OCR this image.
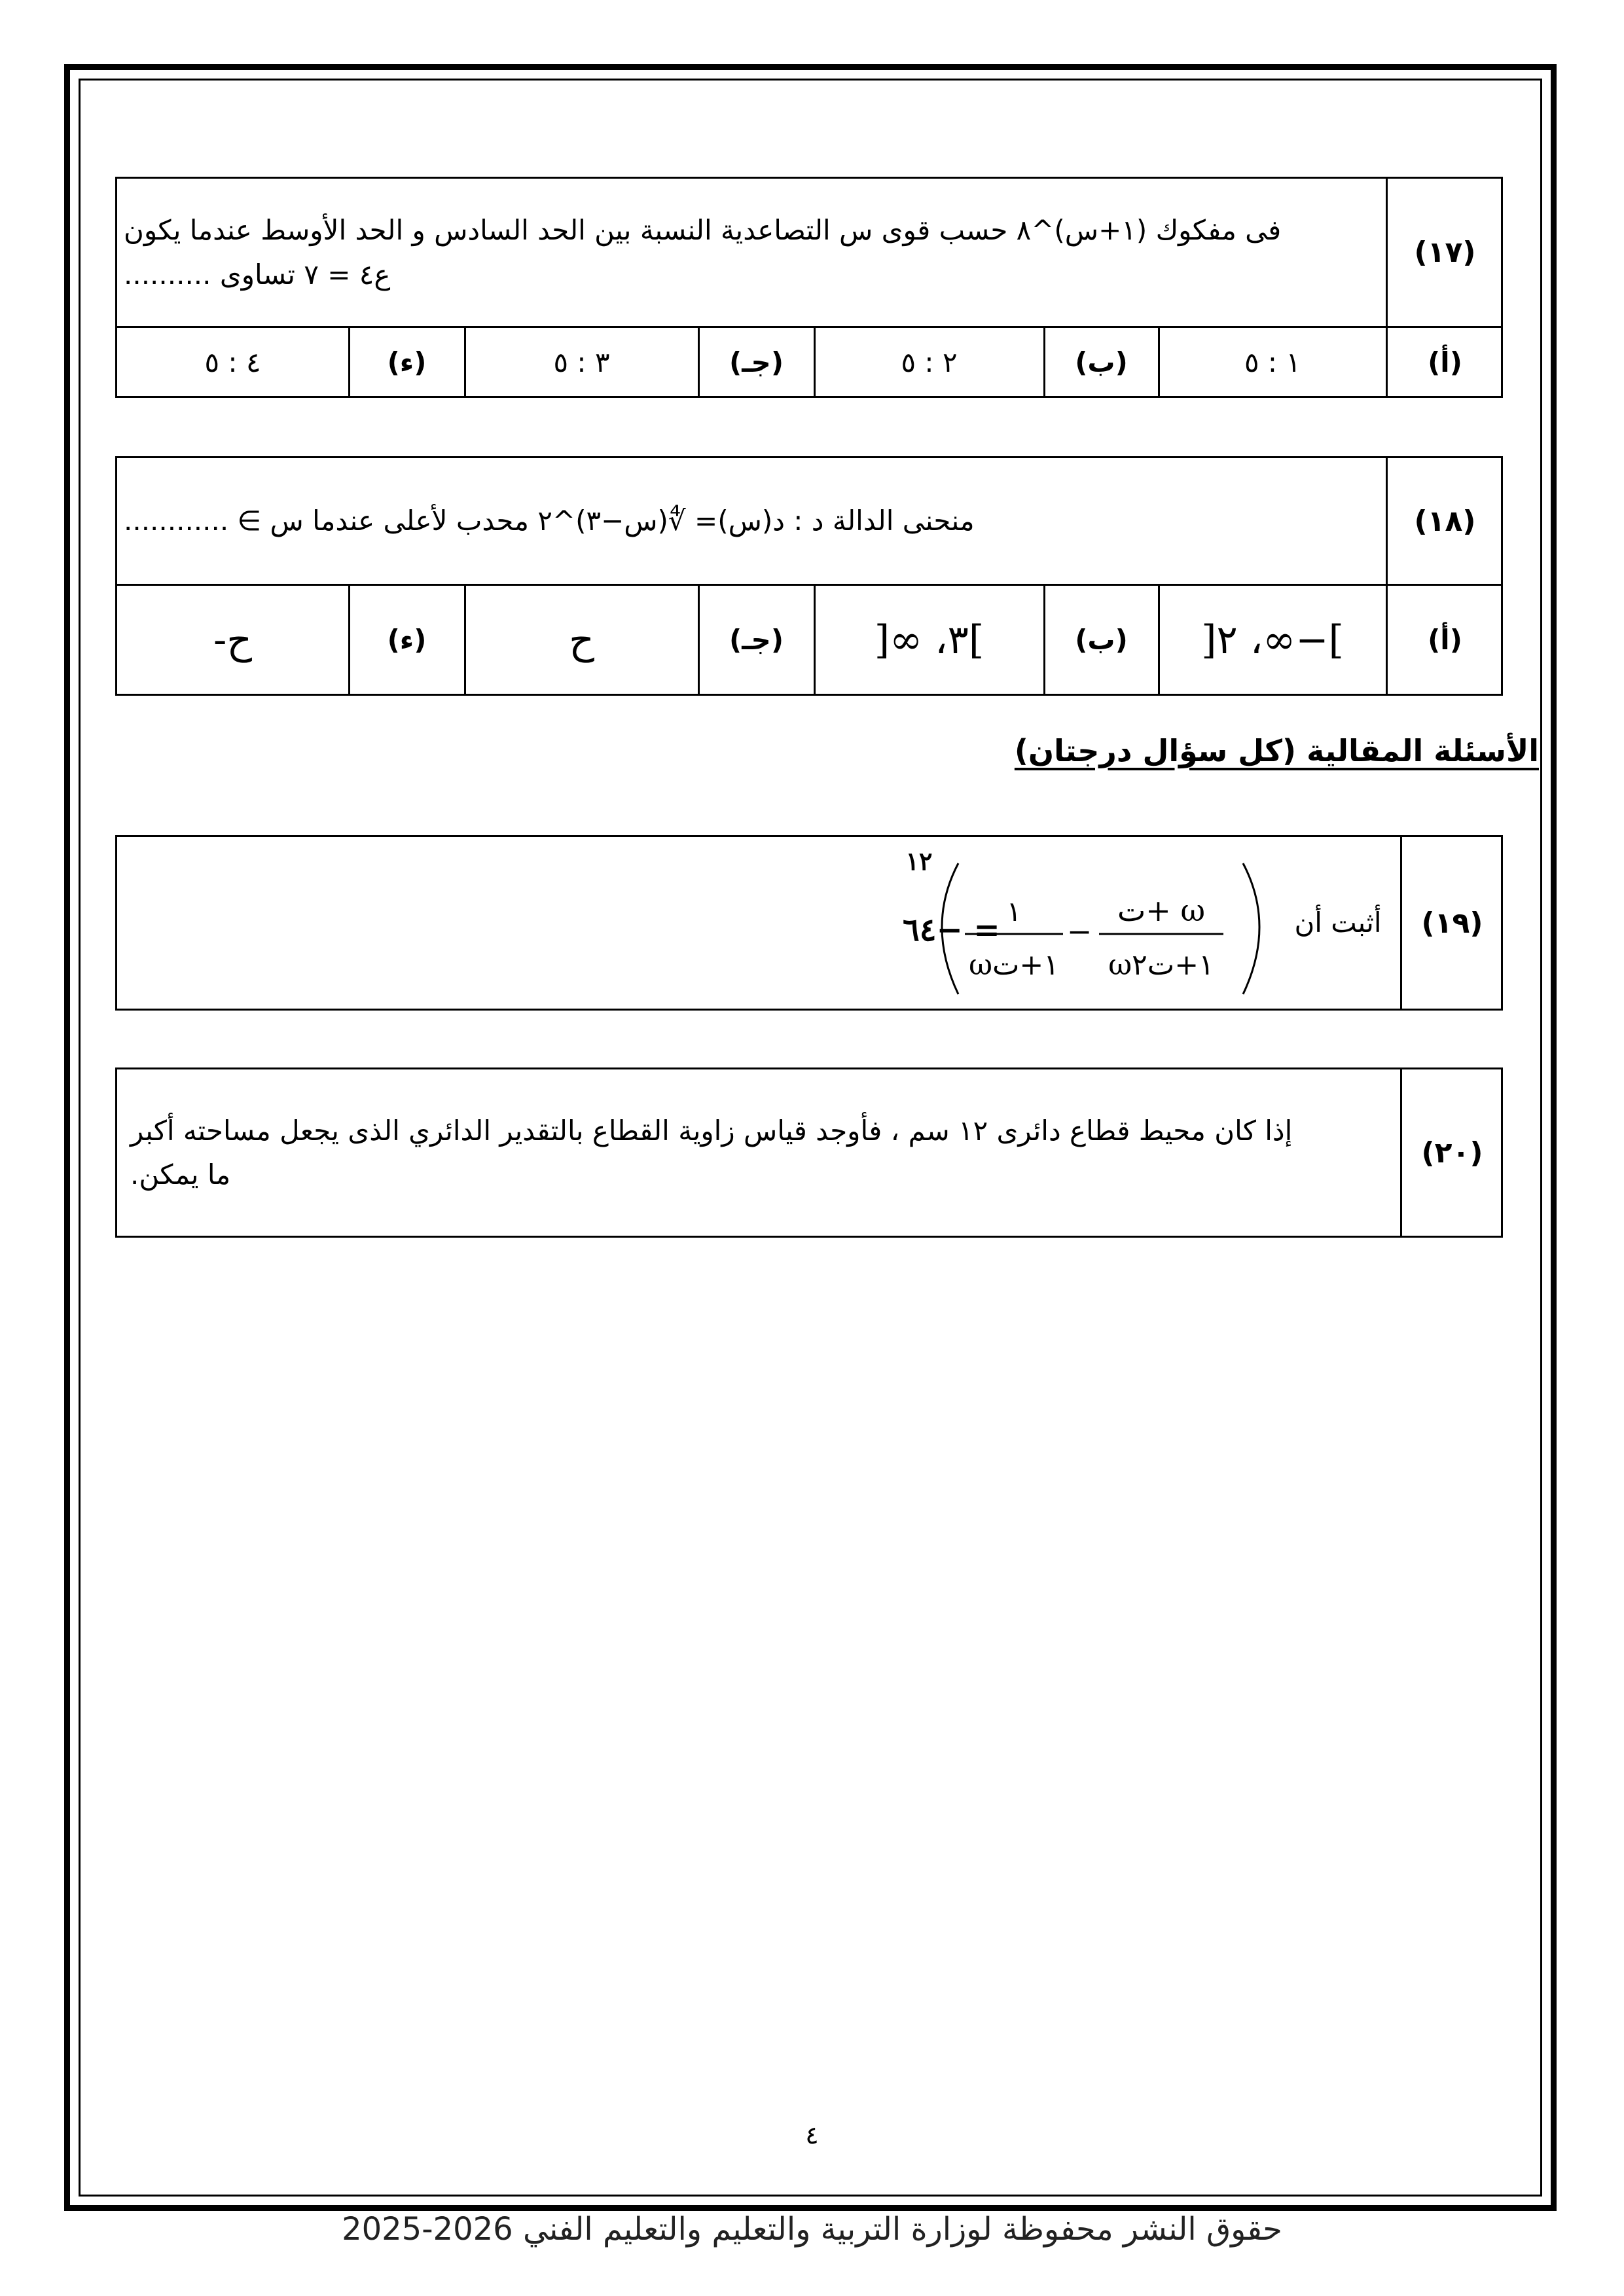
(١٧)
فى مفكوك (١+س)^٨ حسب قوى س التصاعدية النسبة بين الحد السادس و الحد الأوسط عندما يكون
ع٤ = ٧ تساوى ..........
(أ)
١ : ٥
(ب)
٢ : ٥
(جـ)
٣ : ٥
(ء)
٤ : ٥
(١٨)
منحنى الدالة د : د(س)= ∜(س−٣)^٢ محدب لأعلى عندما س ∋ ............
(أ)
]−∞، ٢[
(ب)
]٣، ∞[
(جـ)
ح
(ء)
ح-
الأسئلة المقالية (كل سؤال درجتان)
(١٩)
أثبت أن
ω +ت
١+تω٢
−
١
١+تω
١٢
= −٦٤
(٢٠)
إذا كان محيط قطاع دائرى ١٢ سم ، فأوجد قياس زاوية القطاع بالتقدير الدائري الذى يجعل مساحته أكبر
ما يمكن.
٤
حقوق النشر محفوظة لوزارة التربية والتعليم والتعليم الفني 2026-2025
